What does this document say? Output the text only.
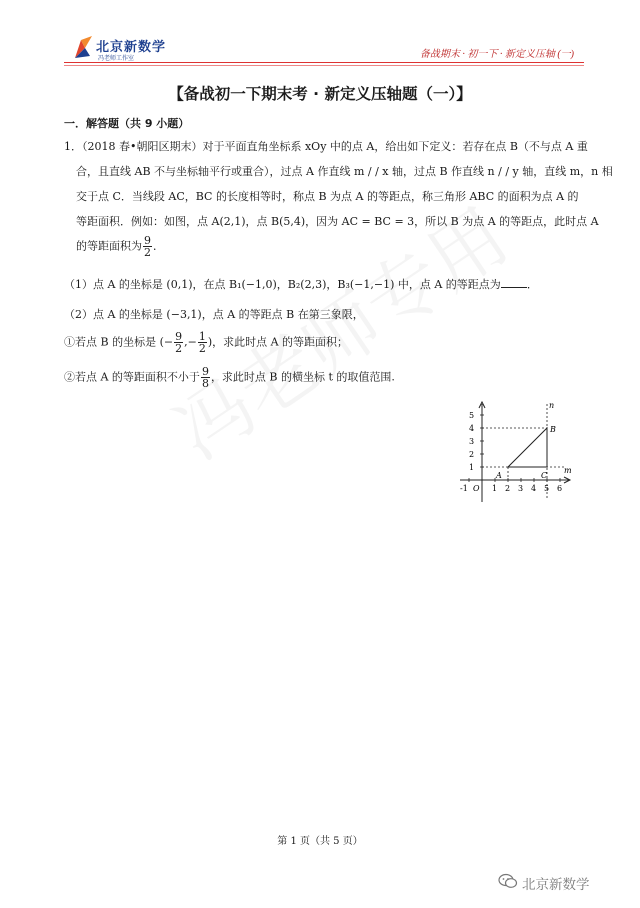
北京新数学
冯老师工作室	备战期末 · 初一下 · 新定义压轴 (一)
【备战初一下期末考 · 新定义压轴题（一）】
一．解答题（共 9 小题）
1．（2018 春•朝阳区期末）对于平面直角坐标系 xOy 中的点 A，给出如下定义：若存在点 B（不与点 A 重
合，且直线 AB 不与坐标轴平行或重合），过点 A 作直线 m / / x 轴，过点 B 作直线 n / / y 轴，直线 m，n 相
交于点 C．当线段 AC，BC 的长度相等时，称点 B 为点 A 的等距点，称三角形 ABC 的面积为点 A 的
等距面积．例如：如图，点 A(2,1)，点 B(5,4)，因为 AC = BC = 3，所以 B 为点 A 的等距点，此时点 A
的等距面积为 $\frac{9}{2}$ ．
（1）点 A 的坐标是 (0,1)，在点 B₁(−1,0)，B₂(2,3)，B₃(−1,−1) 中，点 A 的等距点为 ．
（2）点 A 的坐标是 (−3,1)，点 A 的等距点 B 在第三象限，
①若点 B 的坐标是 (− $\frac{9}{2}$ ,− $\frac{1}{2}$ )，求此时点 A 的等距面积；
②若点 A 的等距面积不小于 $\frac{9}{8}$ ，求此时点 B 的横坐标 t 的取值范围.
5
4
3
2
1
-1 O 1 2 3 4 5 6
n
m
A
B
C
第 1 页（共 5 页）
北京新数学
